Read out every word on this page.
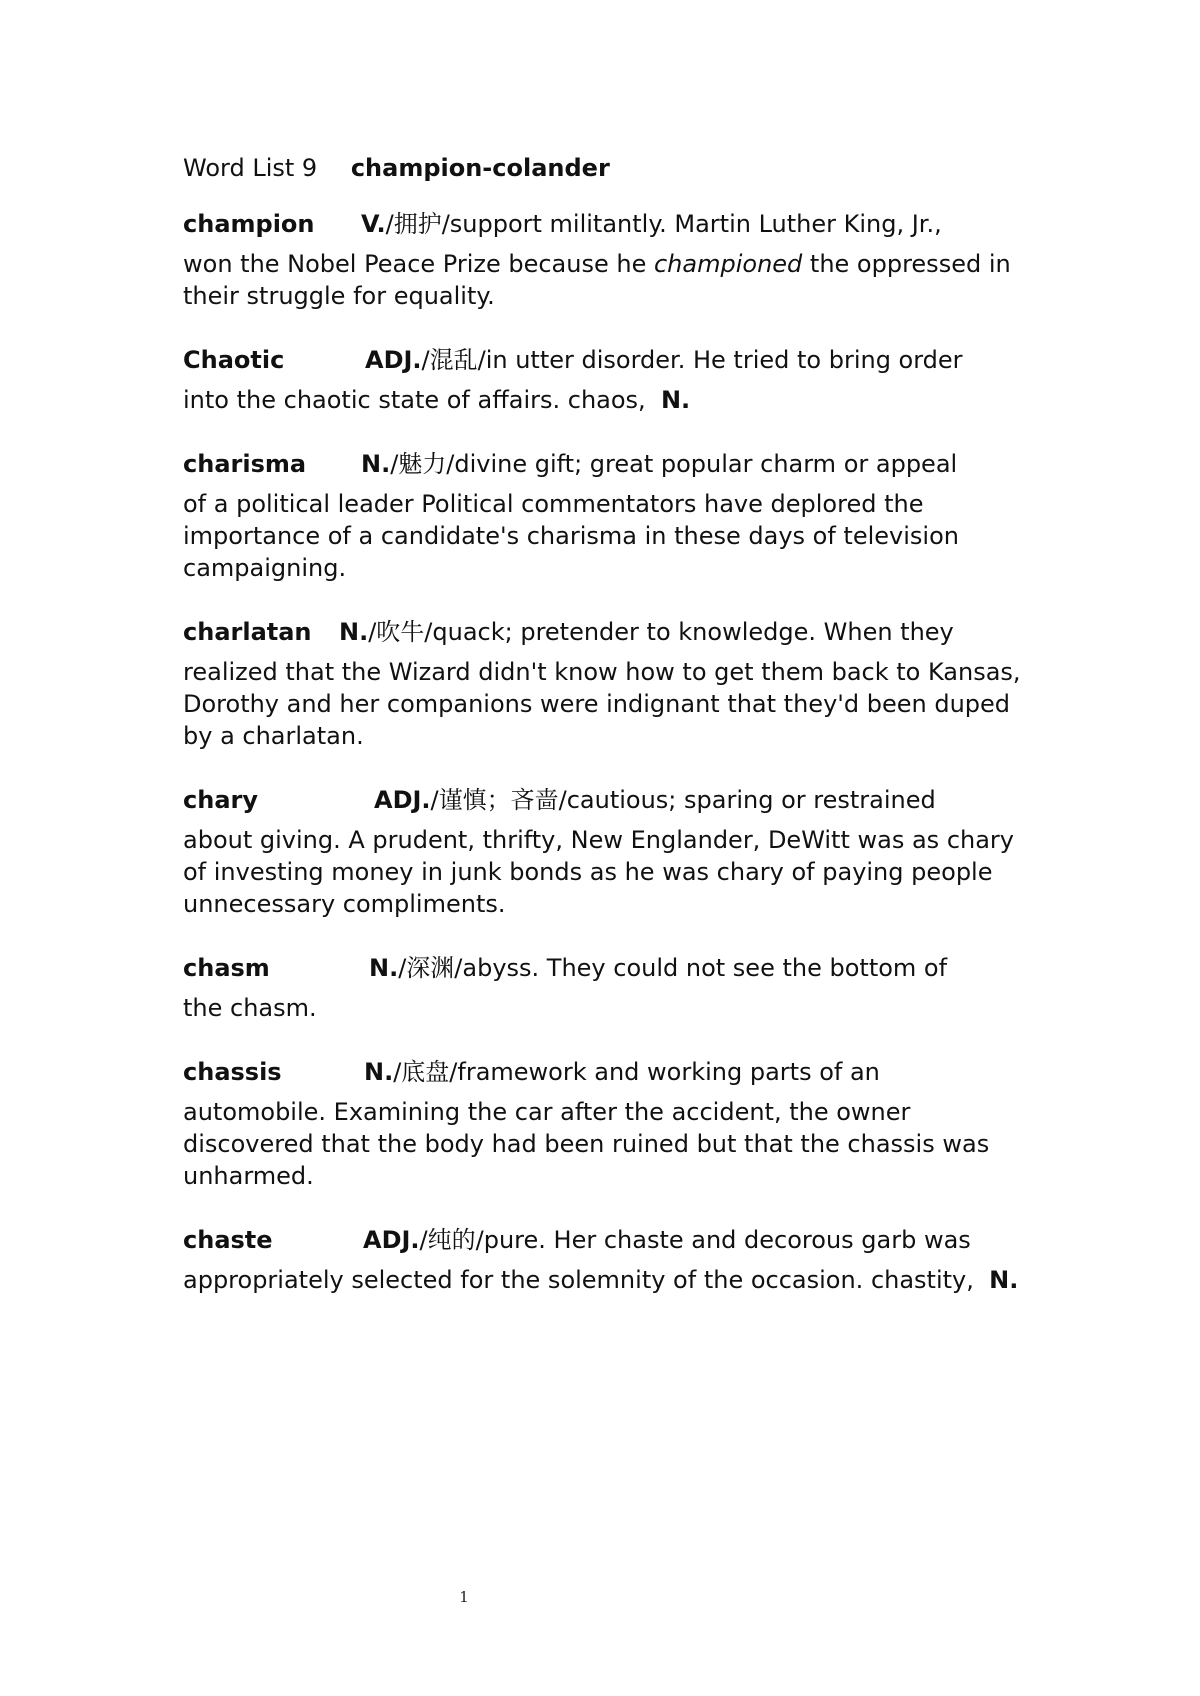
Word List 9 champion-colander
champion	V. /拥护/support militantly. Martin Luther King, Jr.,
won the Nobel Peace Prize because he championed the oppressed in their struggle for equality.
Chaotic	ADJ. /混乱/in utter disorder. He tried to bring order
into the chaotic state of affairs. chaos, N.
charisma	N. /魅力/divine gift; great popular charm or appeal
of a political leader Political commentators have deplored the importance of a candidate's charisma in these days of television campaigning.
charlatan	N. /吹牛/quack; pretender to knowledge. When they
realized that the Wizard didn't know how to get them back to Kansas, Dorothy and her companions were indignant that they'd been duped by a charlatan.
chary	ADJ. /谨慎；吝啬/cautious; sparing or restrained
about giving. A prudent, thrifty, New Englander, DeWitt was as chary of investing money in junk bonds as he was chary of paying people unnecessary compliments.
chasm	N. /深渊/abyss. They could not see the bottom of
the chasm.
chassis	N. /底盘/framework and working parts of an
automobile. Examining the car after the accident, the owner discovered that the body had been ruined but that the chassis was unharmed.
chaste	ADJ. /纯的/pure. Her chaste and decorous garb was
appropriately selected for the solemnity of the occasion. chastity, N.
1
